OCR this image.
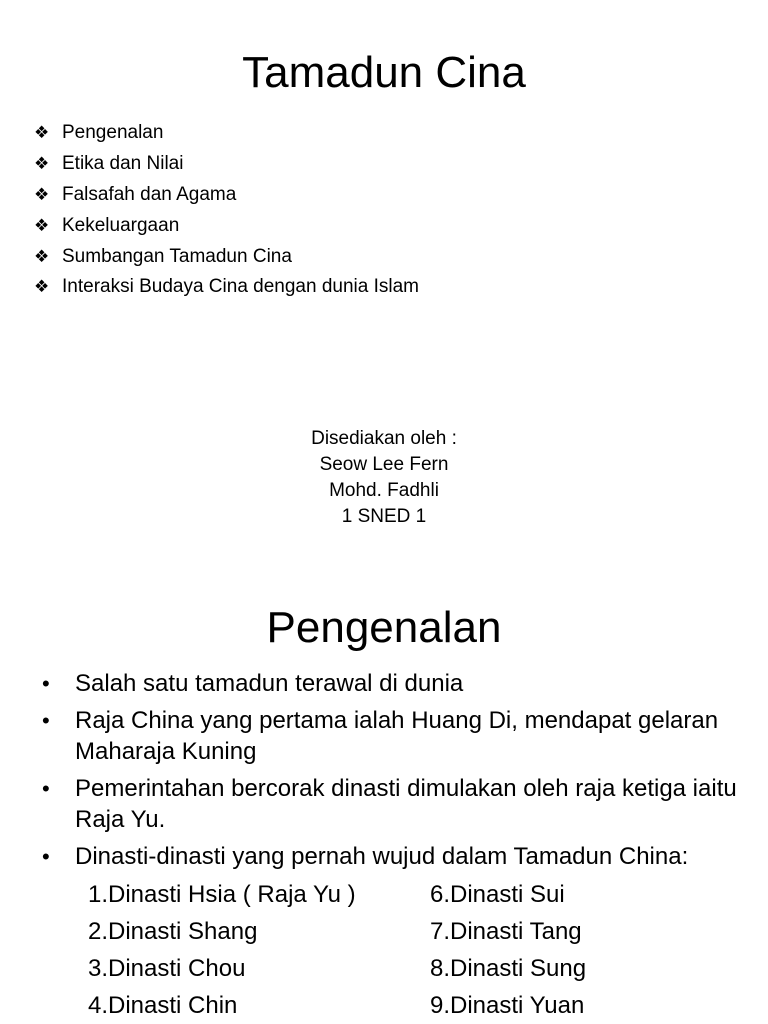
Tamadun Cina
❖ Pengenalan
❖ Etika dan Nilai
❖ Falsafah dan Agama
❖ Kekeluargaan
❖ Sumbangan Tamadun Cina
❖ Interaksi Budaya Cina dengan dunia Islam
Disediakan oleh :
Seow Lee Fern
Mohd. Fadhli
1 SNED 1
Pengenalan
• Salah satu tamadun terawal di dunia
• Raja China yang pertama ialah Huang Di, mendapat gelaran Maharaja Kuning
• Pemerintahan bercorak dinasti dimulakan oleh raja ketiga iaitu Raja Yu.
• Dinasti-dinasti yang pernah wujud dalam Tamadun China:
1.Dinasti Hsia ( Raja Yu )	6.Dinasti Sui
2.Dinasti Shang	7.Dinasti Tang
3.Dinasti Chou	8.Dinasti Sung
4.Dinasti Chin	9.Dinasti Yuan
